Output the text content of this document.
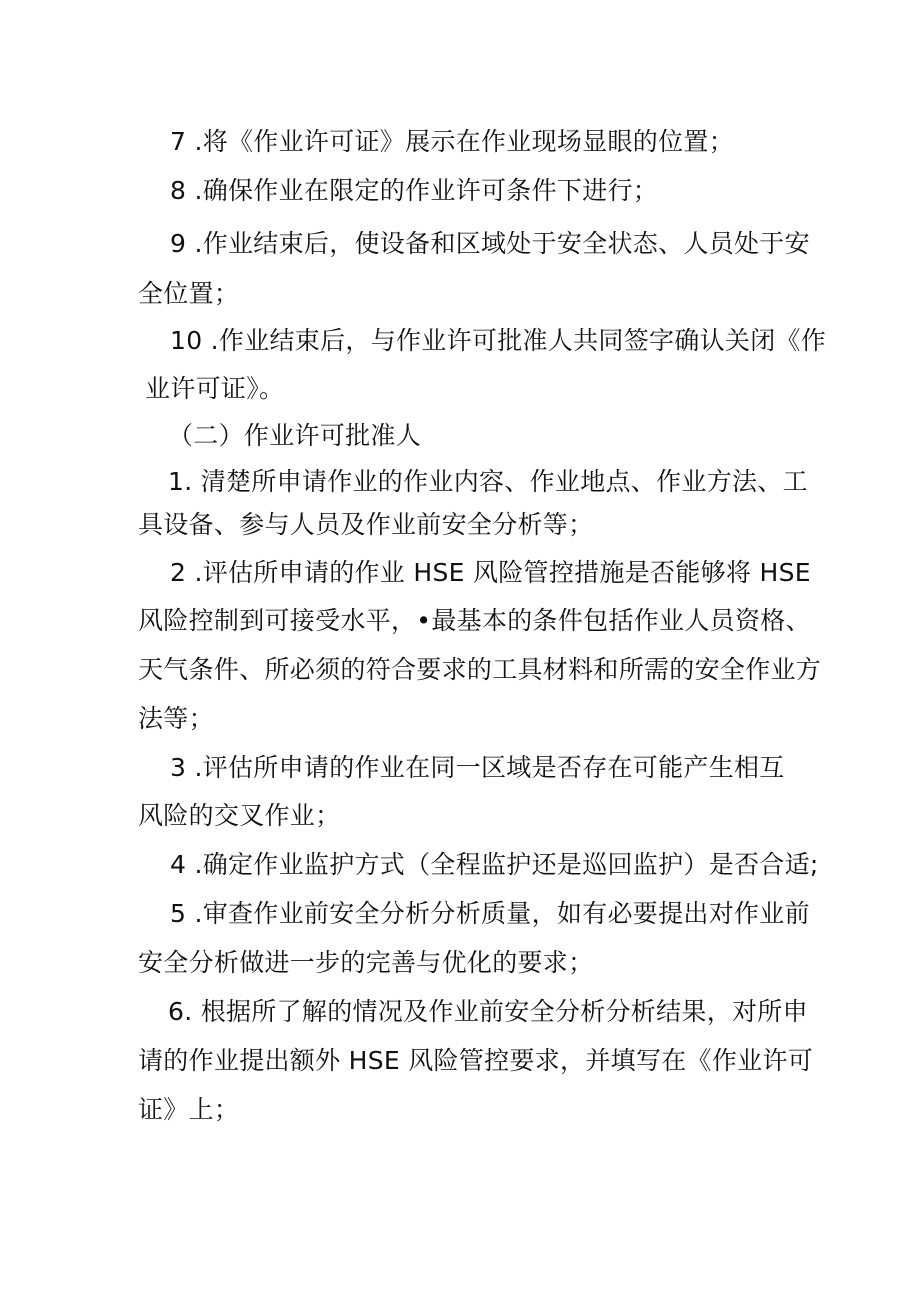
7 .将《作业许可证》展示在作业现场显眼的位置；
8 .确保作业在限定的作业许可条件下进行；
9 .作业结束后，使设备和区域处于安全状态、人员处于安
全位置；
10 .作业结束后，与作业许可批准人共同签字确认关闭《作
业许可证》。
（二）作业许可批准人
1. 清楚所申请作业的作业内容、作业地点、作业方法、工
具设备、参与人员及作业前安全分析等；
2 .评估所申请的作业 HSE 风险管控措施是否能够将 HSE
风险控制到可接受水平，•最基本的条件包括作业人员资格、
天气条件、所必须的符合要求的工具材料和所需的安全作业方
法等；
3 .评估所申请的作业在同一区域是否存在可能产生相互
风险的交叉作业；
4 .确定作业监护方式（全程监护还是巡回监护）是否合适;
5 .审查作业前安全分析分析质量，如有必要提出对作业前
安全分析做进一步的完善与优化的要求；
6. 根据所了解的情况及作业前安全分析分析结果，对所申
请的作业提出额外 HSE 风险管控要求，并填写在《作业许可
证》上；
